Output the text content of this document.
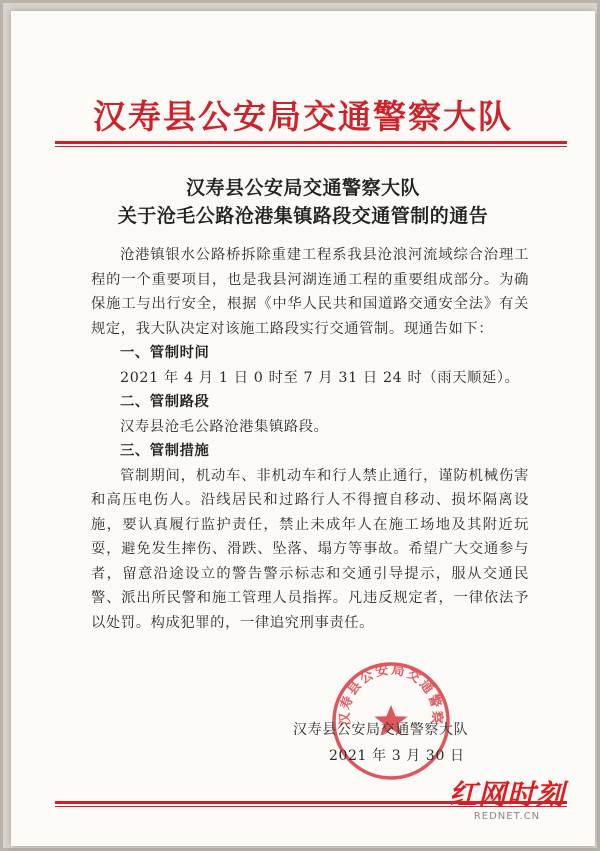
汉寿县公安局交通警察大队
汉寿县公安局交通警察大队
关于沧毛公路沧港集镇路段交通管制的通告

沧港镇银水公路桥拆除重建工程系我县沧浪河流域综合治理工程的一个重要项目，也是我县河湖连通工程的重要组成部分。为确保施工与出行安全，根据《中华人民共和国道路交通安全法》有关规定，我大队决定对该施工路段实行交通管制。现通告如下：

一、管制时间

2021 年 4 月 1 日 0 时至 7 月 31 日 24 时（雨天顺延）。

二、管制路段

汉寿县沧毛公路沧港集镇路段。

三、管制措施

管制期间，机动车、非机动车和行人禁止通行，谨防机械伤害和高压电伤人。沿线居民和过路行人不得擅自移动、损坏隔离设施，要认真履行监护责任，禁止未成年人在施工场地及其附近玩耍，避免发生摔伤、滑跌、坠落、塌方等事故。希望广大交通参与者，留意沿途设立的警告警示标志和交通引导提示，服从交通民警、派出所民警和施工管理人员指挥。凡违反规定者，一律依法予以处罚。构成犯罪的，一律追究刑事责任。

汉寿县公安局交通警察
汉寿县公安局交通警察大队
2021 年 3 月 30 日
红网时刻
REDNET.CN
